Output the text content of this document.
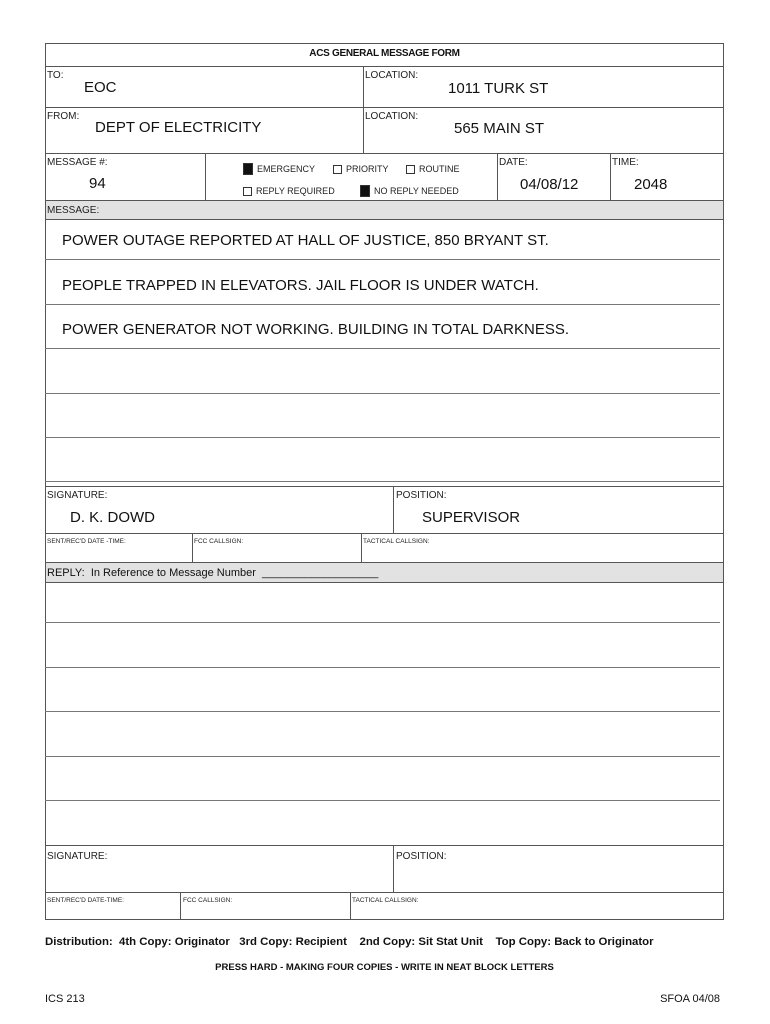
ACS GENERAL MESSAGE FORM
TO:
EOC
LOCATION:
1011 TURK ST
FROM:
DEPT OF ELECTRICITY
LOCATION:
565 MAIN ST
MESSAGE #:
94
EMERGENCY	PRIORITY	ROUTINE
REPLY REQUIRED	NO REPLY NEEDED
DATE:
04/08/12
TIME:
2048
MESSAGE:
POWER OUTAGE REPORTED AT HALL OF JUSTICE, 850 BRYANT ST.
PEOPLE TRAPPED IN ELEVATORS. JAIL FLOOR IS UNDER WATCH.
POWER GENERATOR NOT WORKING. BUILDING IN TOTAL DARKNESS.
SIGNATURE:
D. K. DOWD
POSITION:
SUPERVISOR
SENT/REC'D DATE -TIME:	FCC CALLSIGN:	TACTICAL CALLSIGN:
REPLY:  In Reference to Message Number  ___________________
SIGNATURE:	POSITION:
SENT/REC'D DATE-TIME:	FCC CALLSIGN:	TACTICAL CALLSIGN:
Distribution:  4th Copy: Originator   3rd Copy: Recipient    2nd Copy: Sit Stat Unit    Top Copy: Back to Originator
PRESS HARD - MAKING FOUR COPIES - WRITE IN NEAT BLOCK LETTERS
ICS 213	SFOA 04/08
